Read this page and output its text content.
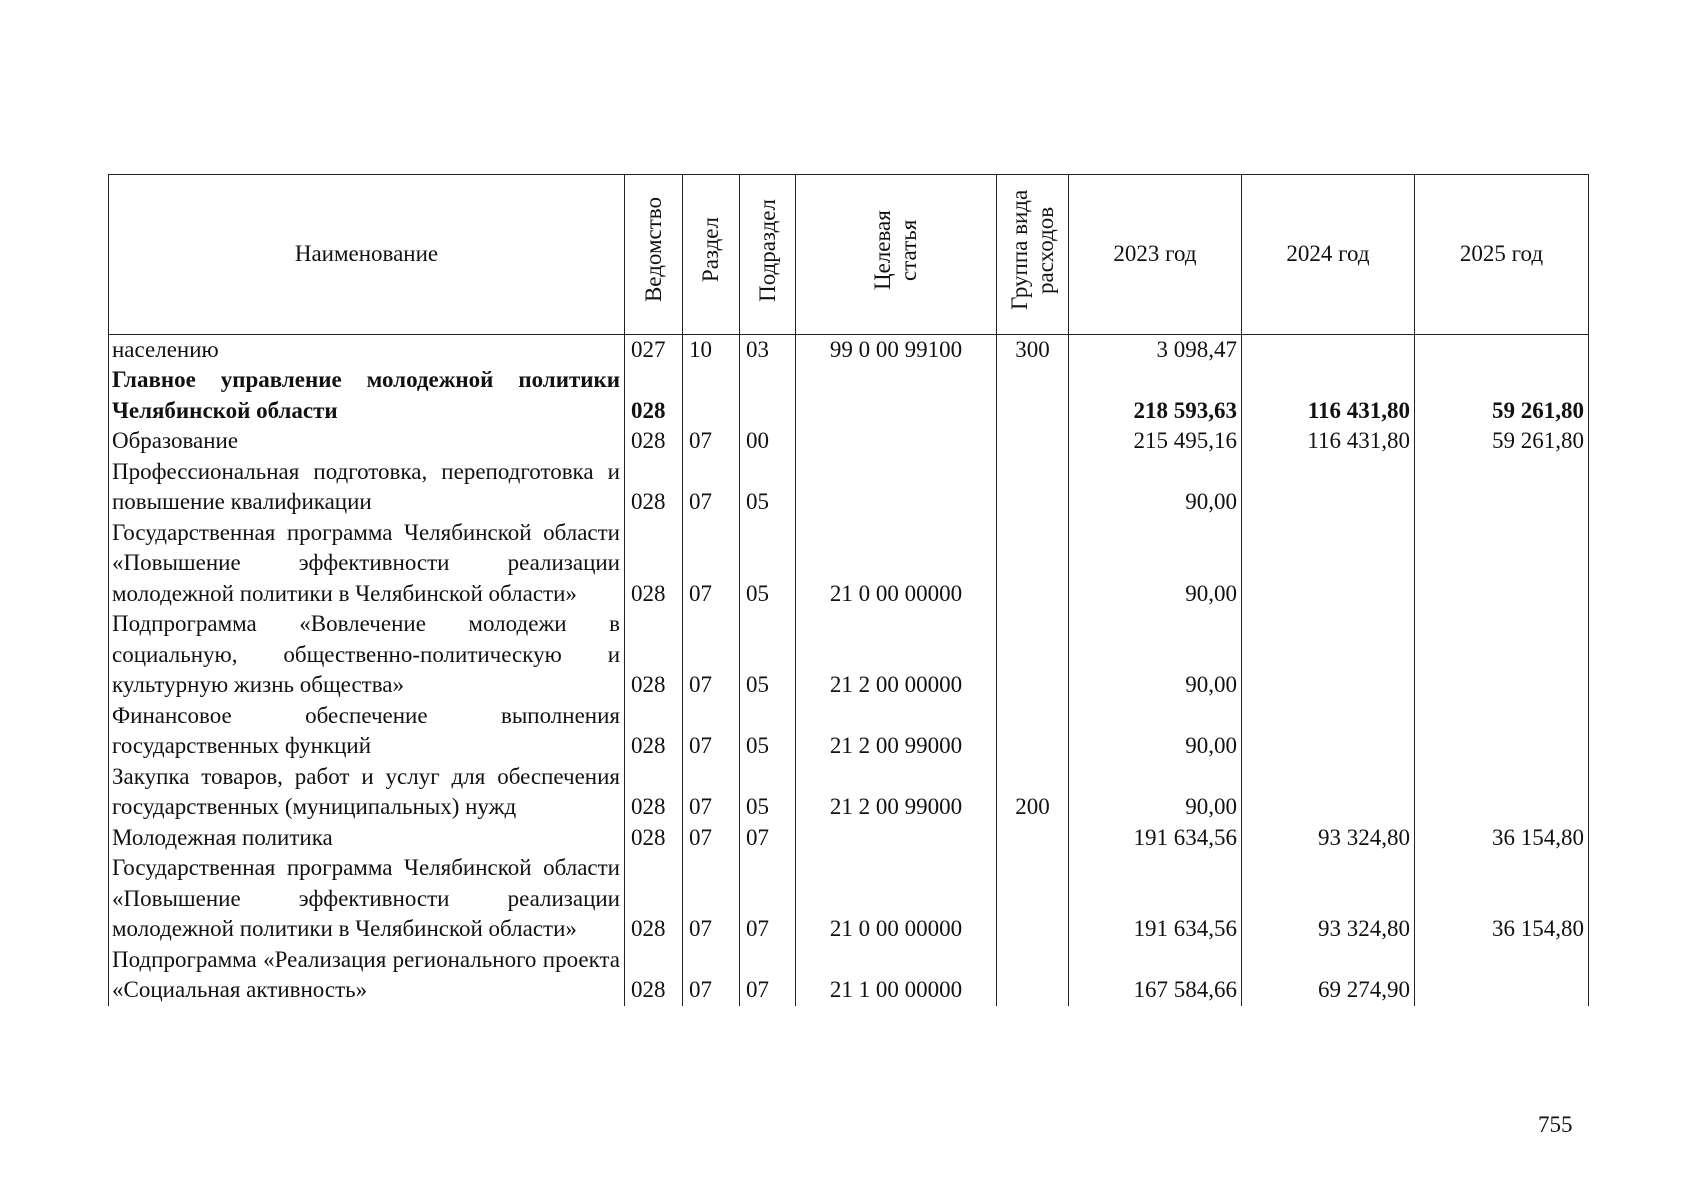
Наименование	Ведомство	Раздел	Подраздел	Целевая статья	Группа вида расходов	2023 год	2024 год	2025 год
населению	027	10	03	99 0 00 99100	300	3 098,47		
Главное управление молодежной политики Челябинской области	028					218 593,63	116 431,80	59 261,80
Образование	028	07	00			215 495,16	116 431,80	59 261,80
Профессиональная подготовка, переподготовка и повышение квалификации	028	07	05			90,00		
Государственная программа Челябинской области «Повышение эффективности реализации молодежной политики в Челябинской области»	028	07	05	21 0 00 00000		90,00		
Подпрограмма «Вовлечение молодежи в социальную, общественно-политическую и культурную жизнь общества»	028	07	05	21 2 00 00000		90,00		
Финансовое обеспечение выполнения государственных функций	028	07	05	21 2 00 99000		90,00		
Закупка товаров, работ и услуг для обеспечения государственных (муниципальных) нужд	028	07	05	21 2 00 99000	200	90,00		
Молодежная политика	028	07	07			191 634,56	93 324,80	36 154,80
Государственная программа Челябинской области «Повышение эффективности реализации молодежной политики в Челябинской области»	028	07	07	21 0 00 00000		191 634,56	93 324,80	36 154,80
Подпрограмма «Реализация регионального проекта «Социальная активность»	028	07	07	21 1 00 00000		167 584,66	69 274,90	
755
